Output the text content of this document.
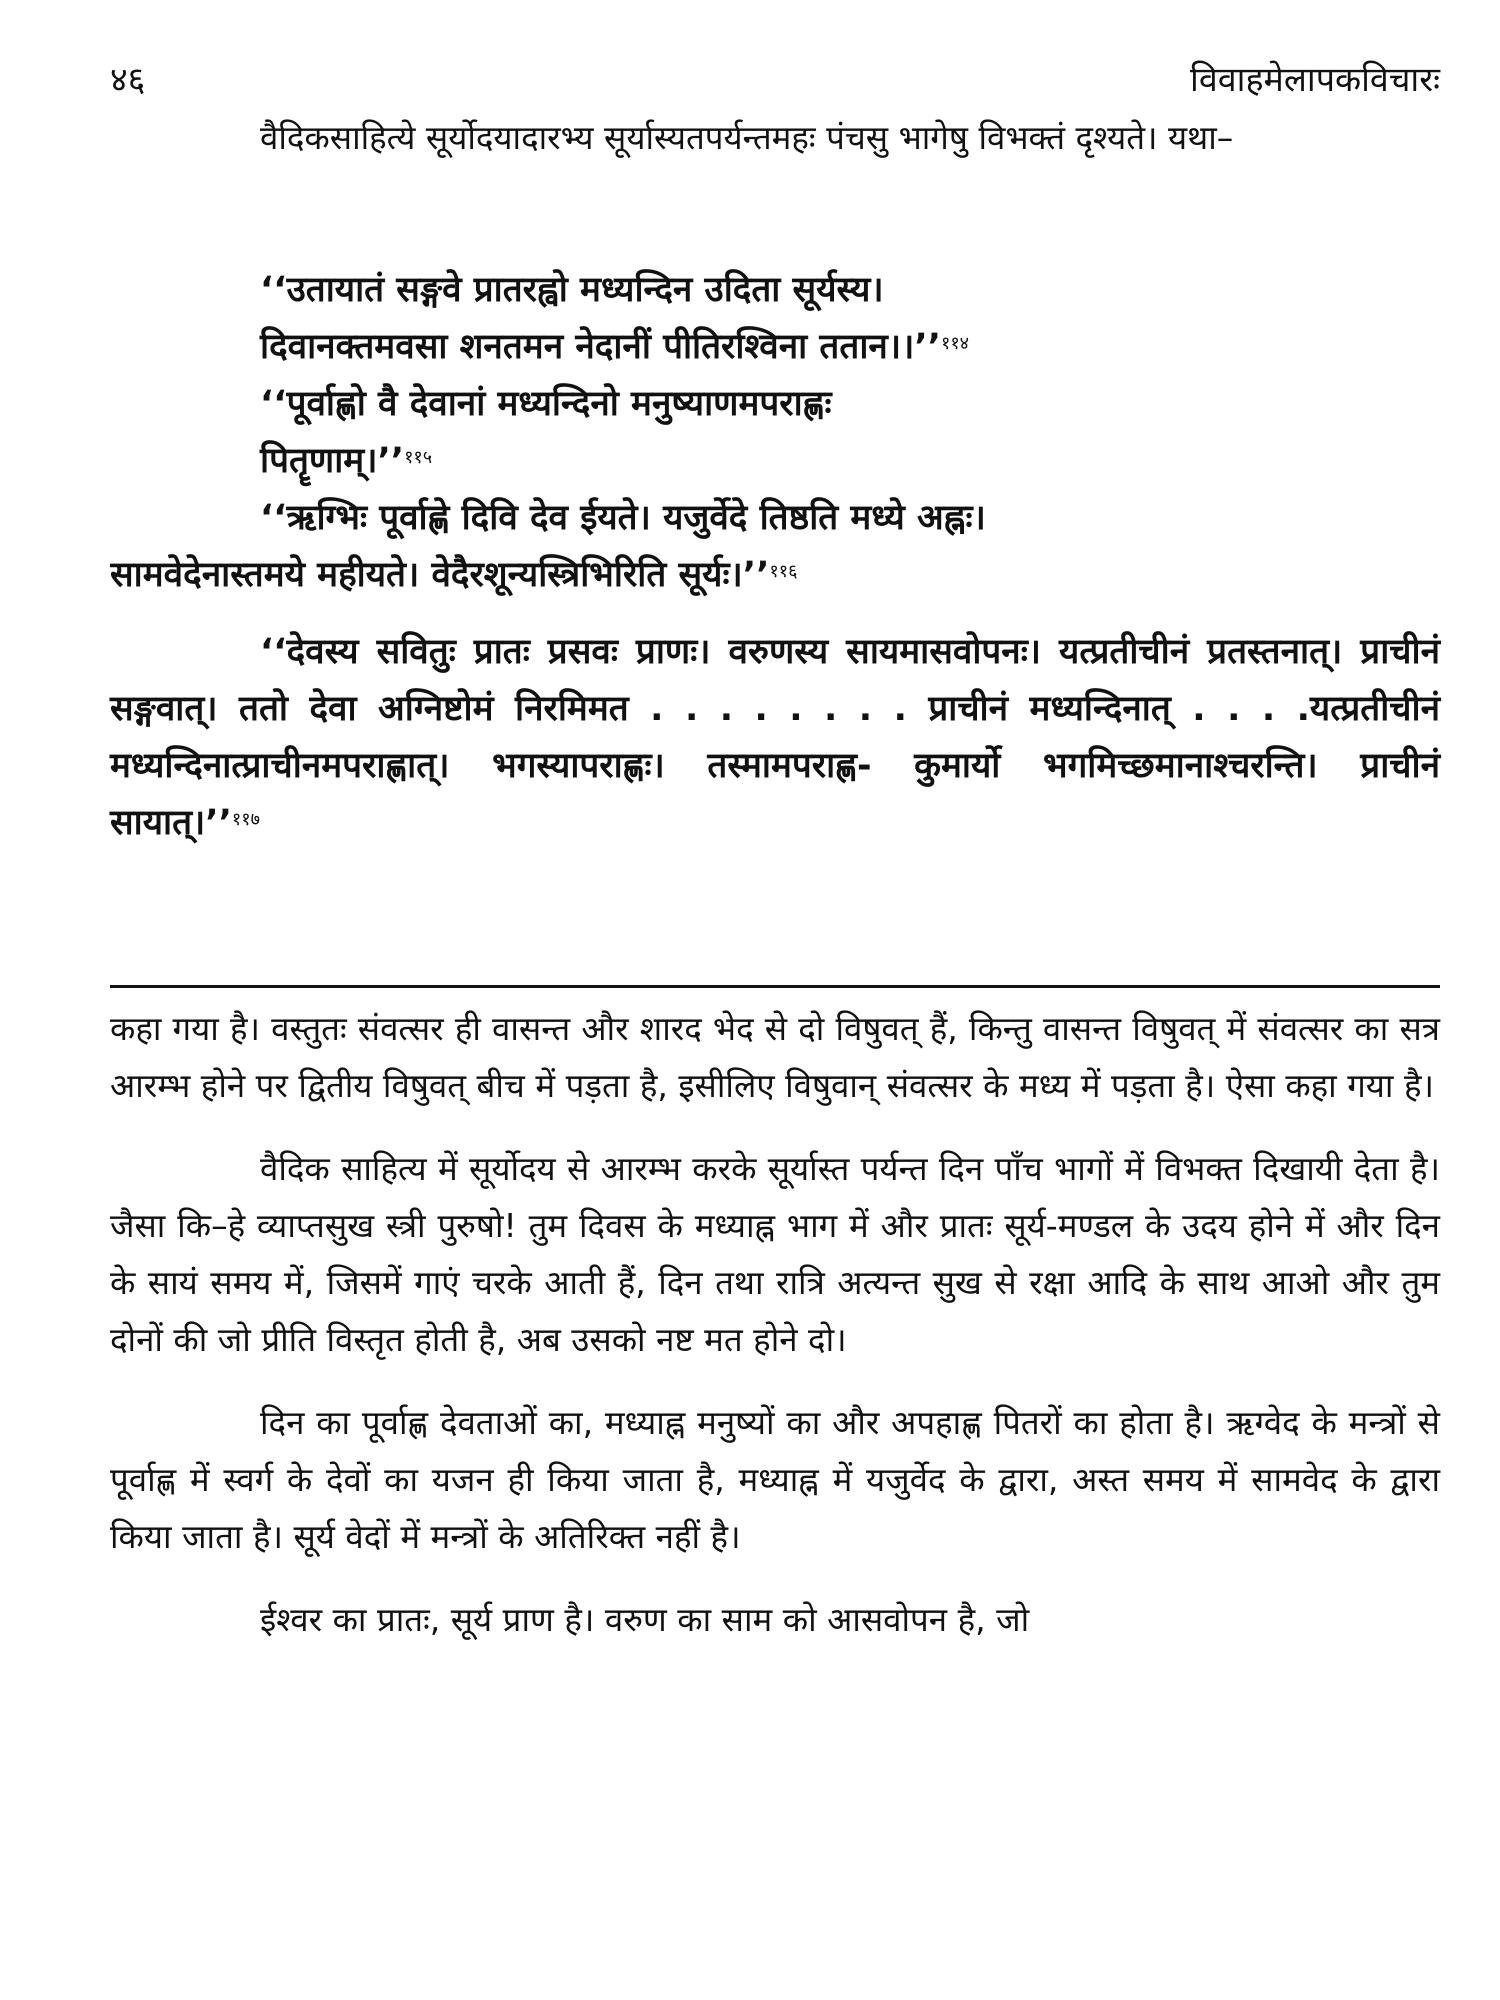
४६	विवाहमेलापकविचारः

वैदिकसाहित्ये सूर्योदयादारभ्य सूर्यास्यतपर्यन्तमहः पंचसु भागेषु विभक्तं दृश्यते। यथा–

‘‘उतायातं सङ्गवे प्रातरह्वो मध्यन्दिन उदिता सूर्यस्य।
दिवानक्तमवसा शनतमन नेदानीं पीतिरश्विना ततान।।’’$^{११४}$
‘‘पूर्वाह्णो वै देवानां मध्यन्दिनो मनुष्याणमपराह्णः
पितॄणाम्।’’$^{११५}$
‘‘ऋग्भिः पूर्वाह्णे दिवि देव ईयते। यजुर्वेदे तिष्ठति मध्ये अह्नः।
सामवेदेनास्तमये महीयते। वेदैरशून्यस्त्रिभिरिति सूर्यः।’’$^{११६}$
‘‘देवस्य सवितुः प्रातः प्रसवः प्राणः। वरुणस्य सायमासवोपनः। यत्प्रतीचीनं प्रतस्तनात्। प्राचीनं सङ्गवात्। ततो देवा अग्निष्टोमं निरमिमत . . . . . . . . प्राचीनं मध्यन्दिनात् . . . .यत्प्रतीचीनं मध्यन्दिनात्प्राचीनमपराह्णात्। भगस्यापराह्णः। तस्मामपराह्ण- कुमार्यो भगमिच्छमानाश्चरन्ति। प्राचीनं सायात्।’’$^{११७}$

कहा गया है। वस्तुतः संवत्सर ही वासन्त और शारद भेद से दो विषुवत् हैं, किन्तु वासन्त विषुवत् में संवत्सर का सत्र आरम्भ होने पर द्वितीय विषुवत् बीच में पड़ता है, इसीलिए विषुवान् संवत्सर के मध्य में पड़ता है। ऐसा कहा गया है।

वैदिक साहित्य में सूर्योदय से आरम्भ करके सूर्यास्त पर्यन्त दिन पाँच भागों में विभक्त दिखायी देता है। जैसा कि–हे व्याप्तसुख स्त्री पुरुषो! तुम दिवस के मध्याह्न भाग में और प्रातः सूर्य-मण्डल के उदय होने में और दिन के सायं समय में, जिसमें गाएं चरके आती हैं, दिन तथा रात्रि अत्यन्त सुख से रक्षा आदि के साथ आओ और तुम दोनों की जो प्रीति विस्तृत होती है, अब उसको नष्ट मत होने दो।

दिन का पूर्वाह्ण देवताओं का, मध्याह्न मनुष्यों का और अपहाह्ण पितरों का होता है। ऋग्वेद के मन्त्रों से पूर्वाह्ण में स्वर्ग के देवों का यजन ही किया जाता है, मध्याह्न में यजुर्वेद के द्वारा, अस्त समय में सामवेद के द्वारा किया जाता है। सूर्य वेदों में मन्त्रों के अतिरिक्त नहीं है।

ईश्वर का प्रातः, सूर्य प्राण है। वरुण का साम को आसवोपन है, जो
